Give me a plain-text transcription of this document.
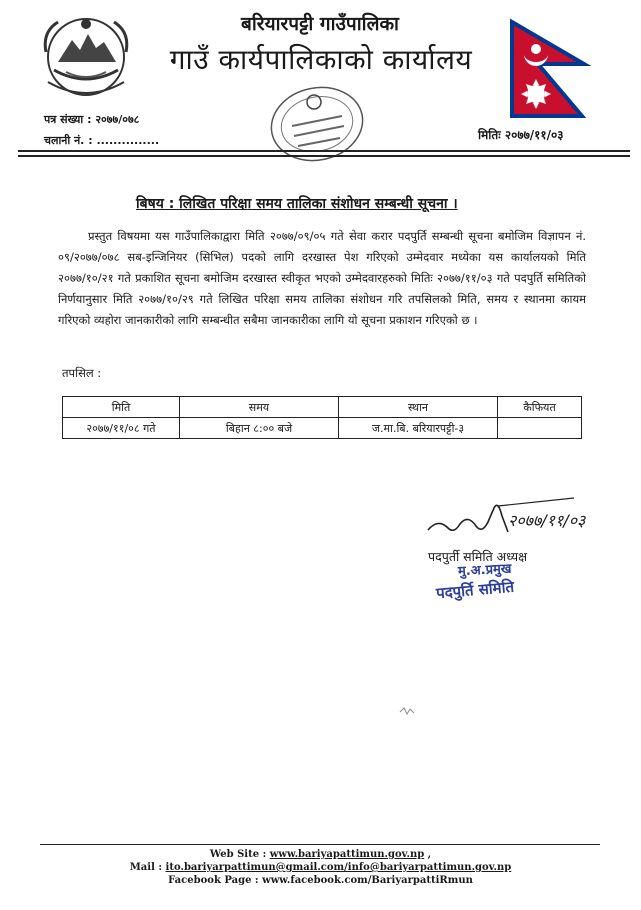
बरियारपट्टी गाउँपालिका
गाउँ कार्यपालिकाको कार्यालय
पत्र संख्या : २०७७/०७८
चलानी नं. : ...............	मितिः २०७७/११/०३
बिषय : लिखित परिक्षा समय तालिका संशोधन सम्बन्धी सूचना ।
प्रस्तुत विषयमा यस गाउँपालिकाद्वारा मिति २०७७/०९/०५ गते सेवा करार पदपुर्ति सम्बन्धी सूचना बमोजिम विज्ञापन नं. ०९/२०७७/०७८ सब-इन्जिनियर (सिभिल) पदको लागि दरखास्त पेश गरिएको उम्मेदवार मध्येका यस कार्यालयको मिति २०७७/१०/२१ गते प्रकाशित सूचना बमोजिम दरखास्त स्वीकृत भएको उम्मेदवारहरुको मितिः २०७७/११/०३ गते पदपुर्ति समितिको निर्णयानुसार मिति २०७७/१०/२९ गते लिखित परिक्षा समय तालिका संशोधन गरि तपसिलको मिति, समय र स्थानमा कायम गरिएको व्यहोरा जानकारीको लागि सम्बन्धीत सबैमा जानकारीका लागि यो सूचना प्रकाशन गरिएको छ ।
तपसिल :
मिति	समय	स्थान	कैफियत
२०७७/११/०८ गते	बिहान ८:०० बजे	ज.मा.बि. बरियारपट्टी-३	
२०७७/११/०३
पदपुर्ती समिति अध्यक्ष
मु.अ.प्रमुख
पदपुर्ति समिति
Web Site : www.bariyapattimun.gov.np ,
Mail : ito.bariyarpattimun@gmail.com/info@bariyarpattimun.gov.np
Facebook Page : www.facebook.com/BariyarpattiRmun
